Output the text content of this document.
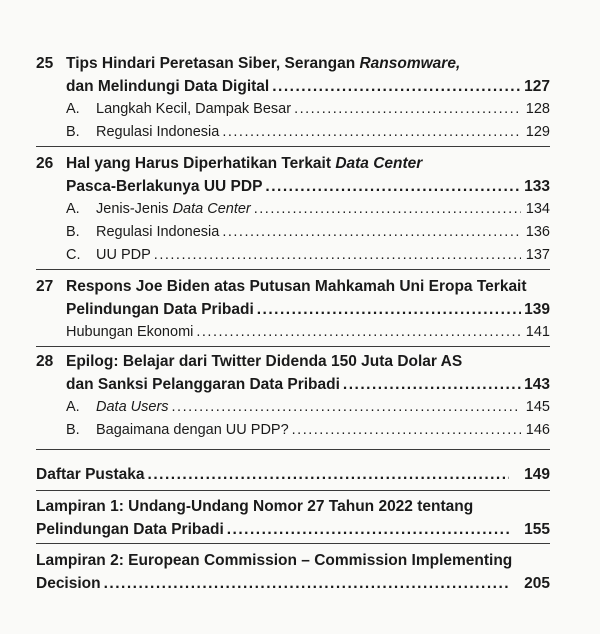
25 Tips Hindari Peretasan Siber, Serangan Ransomware,
dan Melindungi Data Digital .....	127
A. Langkah Kecil, Dampak Besar .....	128
B. Regulasi Indonesia .....	129
26 Hal yang Harus Diperhatikan Terkait Data Center
Pasca-Berlakunya UU PDP .....	133
A. Jenis-Jenis Data Center .....	134
B. Regulasi Indonesia .....	136
C. UU PDP .....	137
27 Respons Joe Biden atas Putusan Mahkamah Uni Eropa Terkait
Pelindungan Data Pribadi .....	139
Hubungan Ekonomi .....	141
28 Epilog: Belajar dari Twitter Didenda 150 Juta Dolar AS
dan Sanksi Pelanggaran Data Pribadi .....	143
A. Data Users .....	145
B. Bagaimana dengan UU PDP? .....	146
Daftar Pustaka .....	149
Lampiran 1: Undang-Undang Nomor 27 Tahun 2022 tentang
Pelindungan Data Pribadi .....	155
Lampiran 2: European Commission – Commission Implementing
Decision .....	205
